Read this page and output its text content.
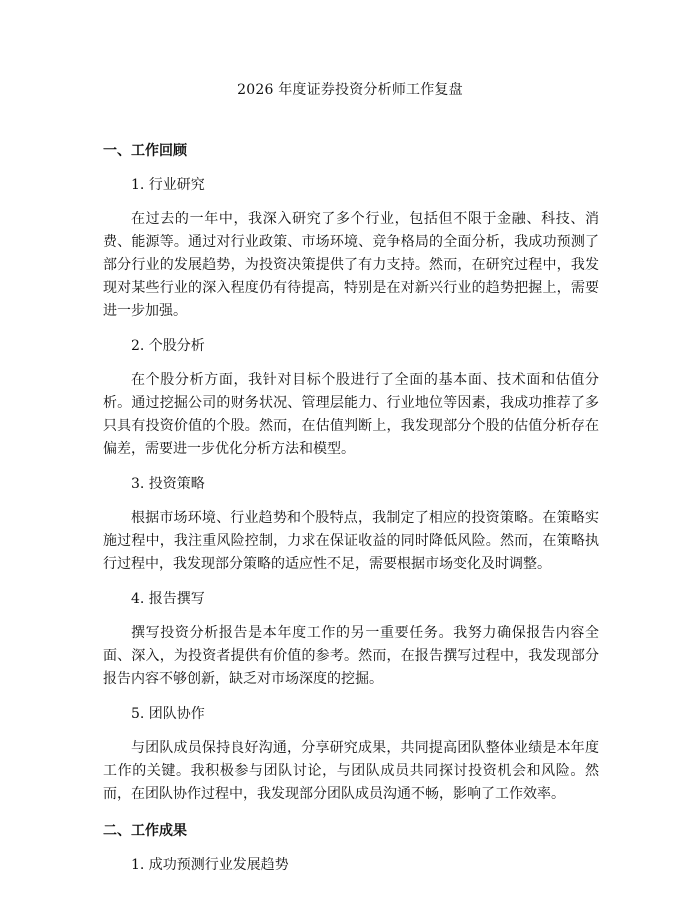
2026 年度证券投资分析师工作复盘
一、工作回顾
1. 行业研究

在过去的一年中，我深入研究了多个行业，包括但不限于金融、科技、消费、能源等。通过对行业政策、市场环境、竞争格局的全面分析，我成功预测了部分行业的发展趋势，为投资决策提供了有力支持。然而，在研究过程中，我发现对某些行业的深入程度仍有待提高，特别是在对新兴行业的趋势把握上，需要进一步加强。

2. 个股分析

在个股分析方面，我针对目标个股进行了全面的基本面、技术面和估值分析。通过挖掘公司的财务状况、管理层能力、行业地位等因素，我成功推荐了多只具有投资价值的个股。然而，在估值判断上，我发现部分个股的估值分析存在偏差，需要进一步优化分析方法和模型。

3. 投资策略

根据市场环境、行业趋势和个股特点，我制定了相应的投资策略。在策略实施过程中，我注重风险控制，力求在保证收益的同时降低风险。然而，在策略执行过程中，我发现部分策略的适应性不足，需要根据市场变化及时调整。

4. 报告撰写

撰写投资分析报告是本年度工作的另一重要任务。我努力确保报告内容全面、深入，为投资者提供有价值的参考。然而，在报告撰写过程中，我发现部分报告内容不够创新，缺乏对市场深度的挖掘。

5. 团队协作

与团队成员保持良好沟通，分享研究成果，共同提高团队整体业绩是本年度工作的关键。我积极参与团队讨论，与团队成员共同探讨投资机会和风险。然而，在团队协作过程中，我发现部分团队成员沟通不畅，影响了工作效率。

二、工作成果
1. 成功预测行业发展趋势
